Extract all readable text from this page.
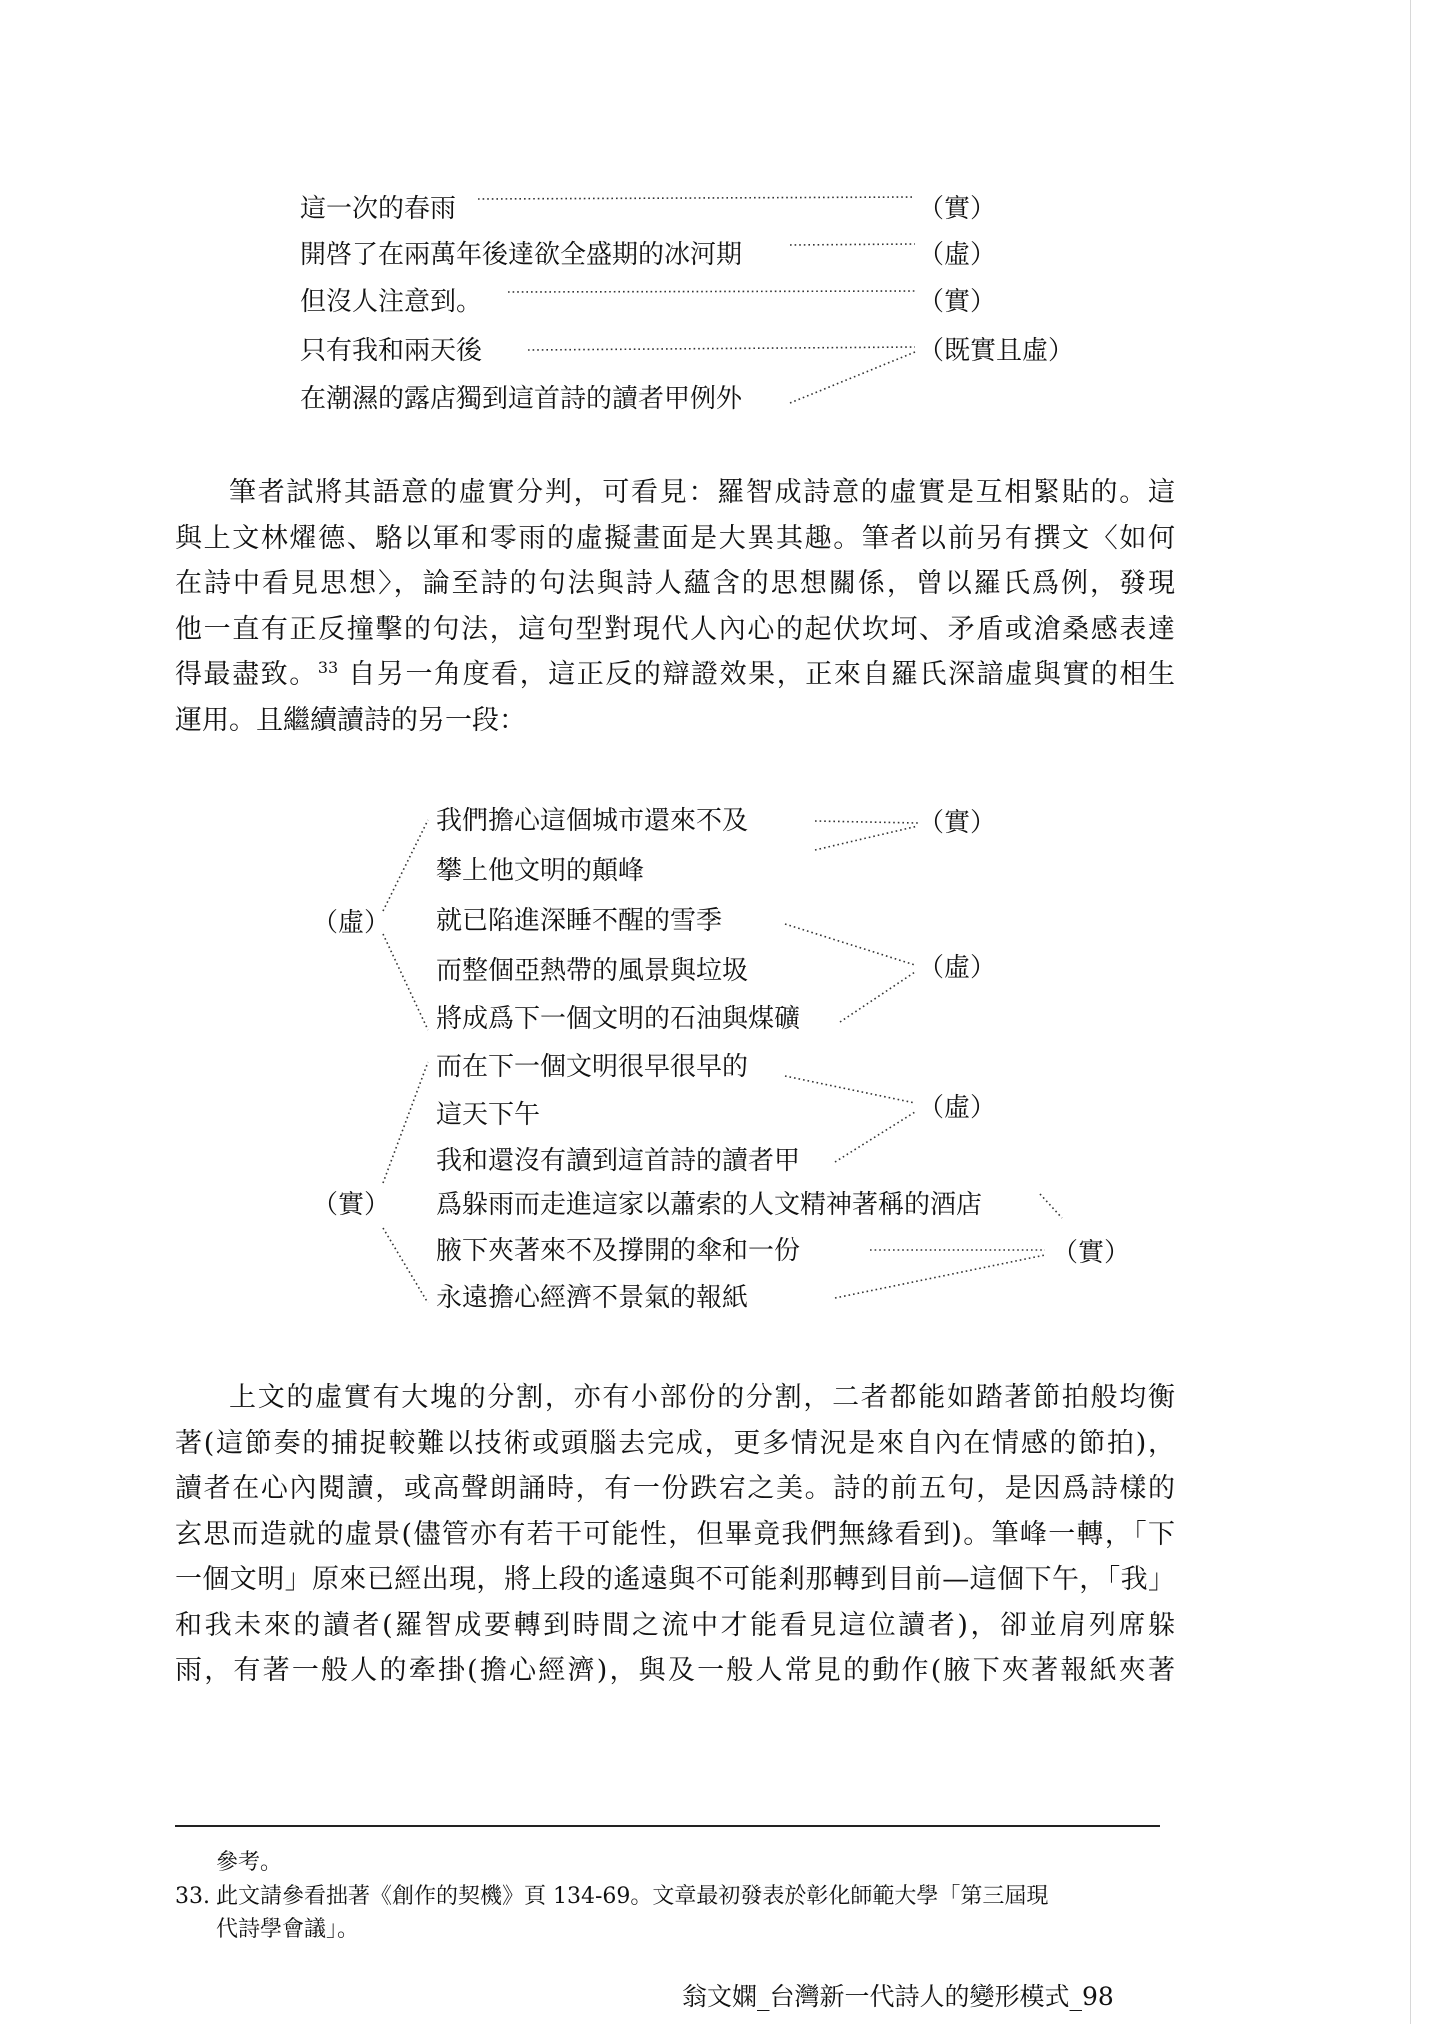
這一次的春雨
開啓了在兩萬年後達欲全盛期的冰河期
但沒人注意到。
只有我和兩天後
在潮濕的露店獨到這首詩的讀者甲例外
（實）
（虛）
（實）
（既實且虛）
筆者試將其語意的虛實分判，可看見：羅智成詩意的虛實是互相緊貼的。這
與上文林燿德、駱以軍和零雨的虛擬畫面是大異其趣。筆者以前另有撰文〈如何
在詩中看見思想〉，論至詩的句法與詩人蘊含的思想關係，曾以羅氏爲例，發現
他一直有正反撞擊的句法，這句型對現代人內心的起伏坎坷、矛盾或滄桑感表達
得最盡致。$^{33}$ 自另一角度看，這正反的辯證效果，正來自羅氏深諳虛與實的相生
運用。且繼續讀詩的另一段：
（虛）
（實）
我們擔心這個城市還來不及
攀上他文明的顛峰
就已陷進深睡不醒的雪季
而整個亞熱帶的風景與垃圾
將成爲下一個文明的石油與煤礦
而在下一個文明很早很早的
這天下午
我和還沒有讀到這首詩的讀者甲
爲躲雨而走進這家以蕭索的人文精神著稱的酒店
腋下夾著來不及撐開的傘和一份
永遠擔心經濟不景氣的報紙
（實）
（虛）
（虛）
（實）
上文的虛實有大塊的分割，亦有小部份的分割，二者都能如踏著節拍般均衡
著(這節奏的捕捉較難以技術或頭腦去完成，更多情況是來自內在情感的節拍)，
讀者在心內閱讀，或高聲朗誦時，有一份跌宕之美。詩的前五句，是因爲詩樣的
玄思而造就的虛景(儘管亦有若干可能性，但畢竟我們無緣看到)。筆峰一轉，「下
一個文明」原來已經出現，將上段的遙遠與不可能剎那轉到目前—這個下午，「我」
和我未來的讀者(羅智成要轉到時間之流中才能看見這位讀者)，卻並肩列席躲
雨，有著一般人的牽掛(擔心經濟)，與及一般人常見的動作(腋下夾著報紙夾著
參考。
33. 此文請參看拙著《創作的契機》頁 134-69。文章最初發表於彰化師範大學「第三屆現
代詩學會議」。
翁文嫻_台灣新一代詩人的變形模式_98
